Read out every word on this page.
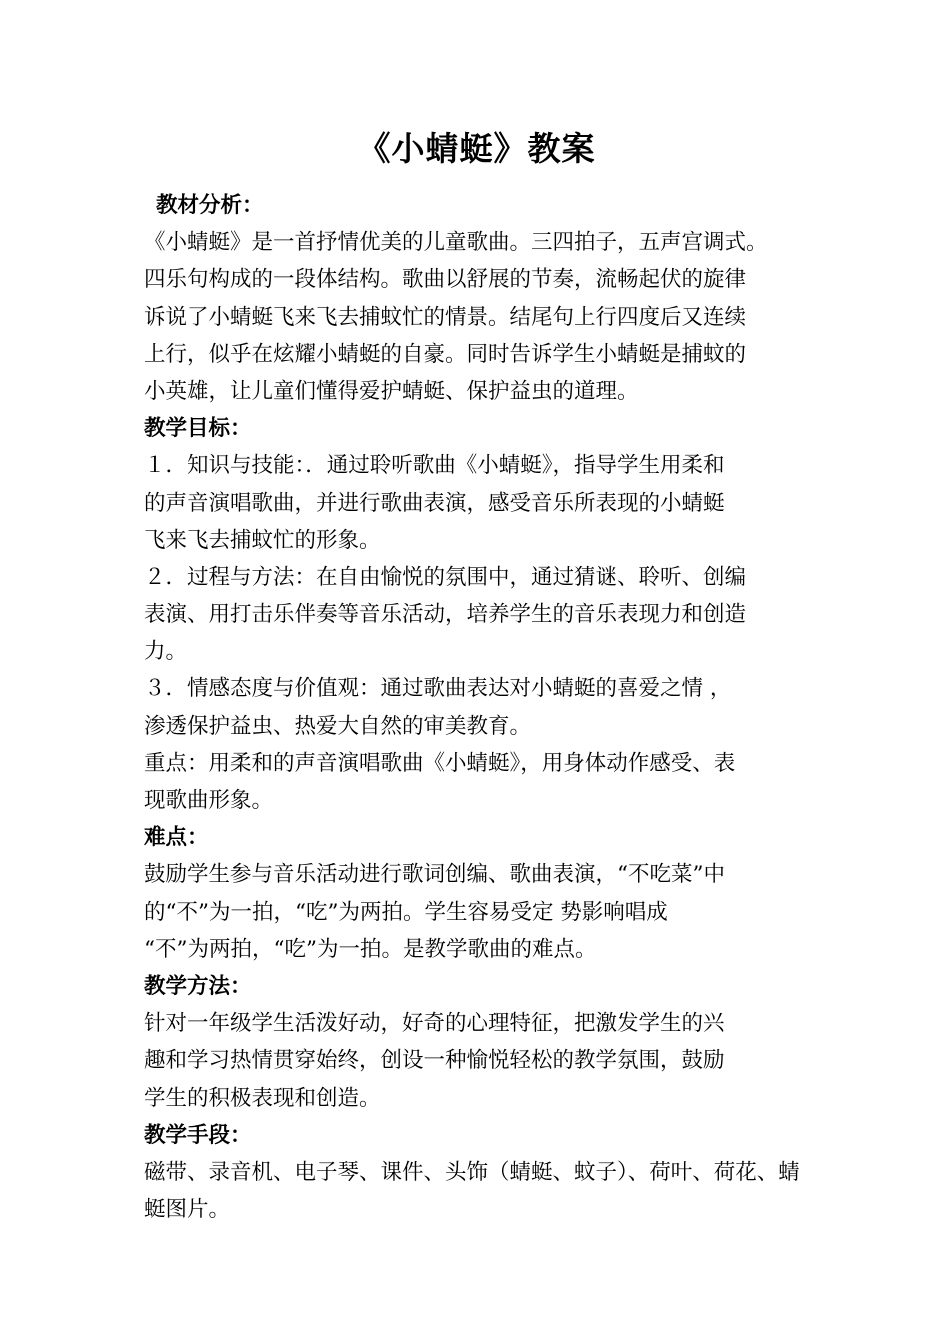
《小蜻蜓》教案
教材分析：
《小蜻蜓》是一首抒情优美的儿童歌曲。三四拍子，五声宫调式。
四乐句构成的一段体结构。歌曲以舒展的节奏，流畅起伏的旋律
诉说了小蜻蜓飞来飞去捕蚊忙的情景。结尾句上行四度后又连续
上行，似乎在炫耀小蜻蜓的自豪。同时告诉学生小蜻蜓是捕蚊的
小英雄，让儿童们懂得爱护蜻蜓、保护益虫的道理。
教学目标：
１．知识与技能：．通过聆听歌曲《小蜻蜓》，指导学生用柔和
的声音演唱歌曲，并进行歌曲表演，感受音乐所表现的小蜻蜓
飞来飞去捕蚊忙的形象。
２．过程与方法：在自由愉悦的氛围中，通过猜谜、聆听、创编
表演、用打击乐伴奏等音乐活动，培养学生的音乐表现力和创造
力。
３．情感态度与价值观：通过歌曲表达对小蜻蜓的喜爱之情 ，
渗透保护益虫、热爱大自然的审美教育。
重点：用柔和的声音演唱歌曲《小蜻蜓》，用身体动作感受、表
现歌曲形象。
难点：
鼓励学生参与音乐活动进行歌词创编、歌曲表演，“不吃菜”中
的“不”为一拍，“吃”为两拍。学生容易受定 势影响唱成
“不”为两拍，“吃”为一拍。是教学歌曲的难点。
教学方法：
针对一年级学生活泼好动，好奇的心理特征，把激发学生的兴
趣和学习热情贯穿始终，创设一种愉悦轻松的教学氛围，鼓励
学生的积极表现和创造。
教学手段：
磁带、录音机、电子琴、课件、头饰（蜻蜓、蚊子）、荷叶、荷花、蜻
蜓图片。
